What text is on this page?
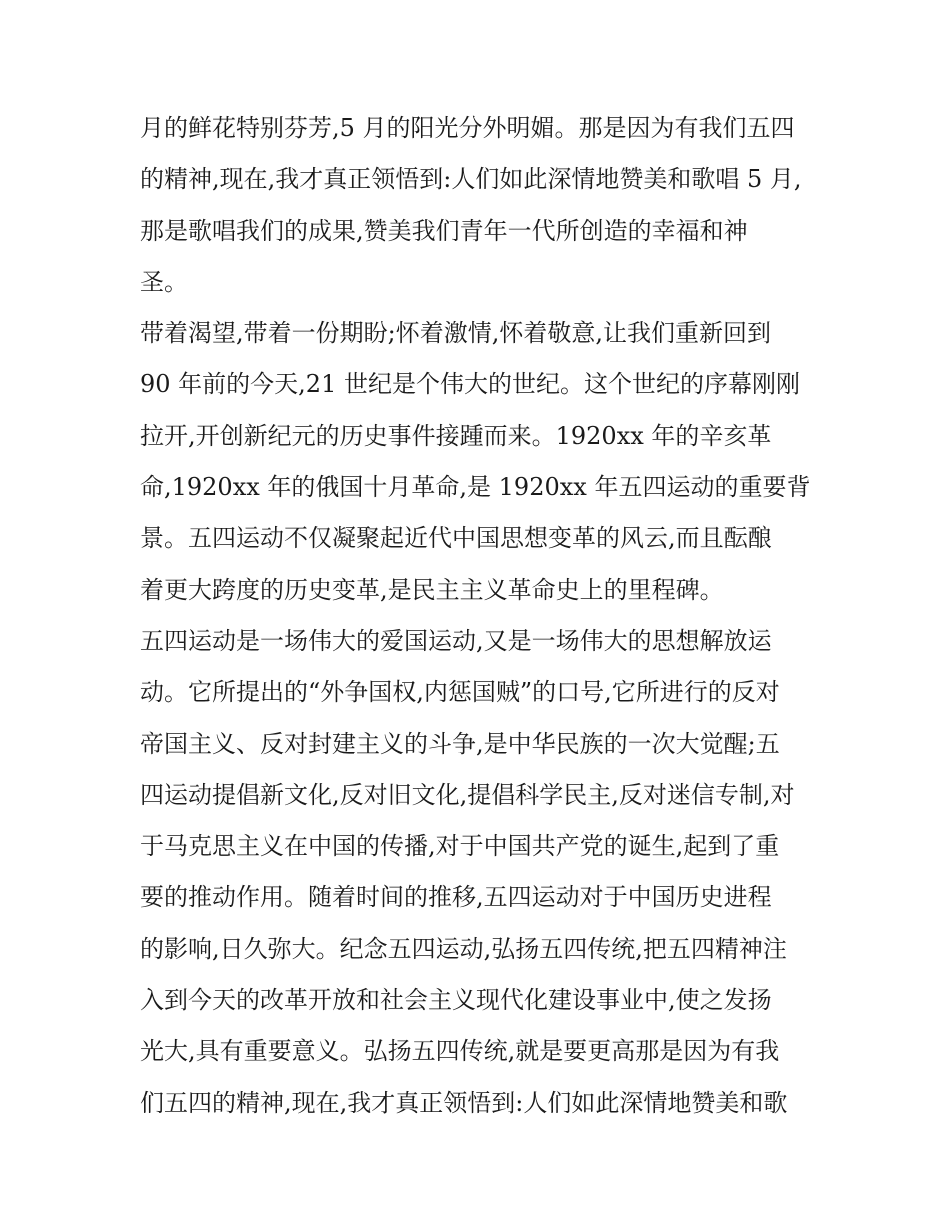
月的鲜花特别芬芳,5 月的阳光分外明媚。那是因为有我们五四
的精神,现在,我才真正领悟到:人们如此深情地赞美和歌唱 5 月,
那是歌唱我们的成果,赞美我们青年一代所创造的幸福和神
圣。
带着渴望,带着一份期盼;怀着激情,怀着敬意,让我们重新回到
90 年前的今天,21 世纪是个伟大的世纪。这个世纪的序幕刚刚
拉开,开创新纪元的历史事件接踵而来。1920xx 年的辛亥革
命,1920xx 年的俄国十月革命,是 1920xx 年五四运动的重要背
景。五四运动不仅凝聚起近代中国思想变革的风云,而且酝酿
着更大跨度的历史变革,是民主主义革命史上的里程碑。
五四运动是一场伟大的爱国运动,又是一场伟大的思想解放运
动。它所提出的“外争国权,内惩国贼”的口号,它所进行的反对
帝国主义、反对封建主义的斗争,是中华民族的一次大觉醒;五
四运动提倡新文化,反对旧文化,提倡科学民主,反对迷信专制,对
于马克思主义在中国的传播,对于中国共产党的诞生,起到了重
要的推动作用。随着时间的推移,五四运动对于中国历史进程
的影响,日久弥大。纪念五四运动,弘扬五四传统,把五四精神注
入到今天的改革开放和社会主义现代化建设事业中,使之发扬
光大,具有重要意义。弘扬五四传统,就是要更高那是因为有我
们五四的精神,现在,我才真正领悟到:人们如此深情地赞美和歌
